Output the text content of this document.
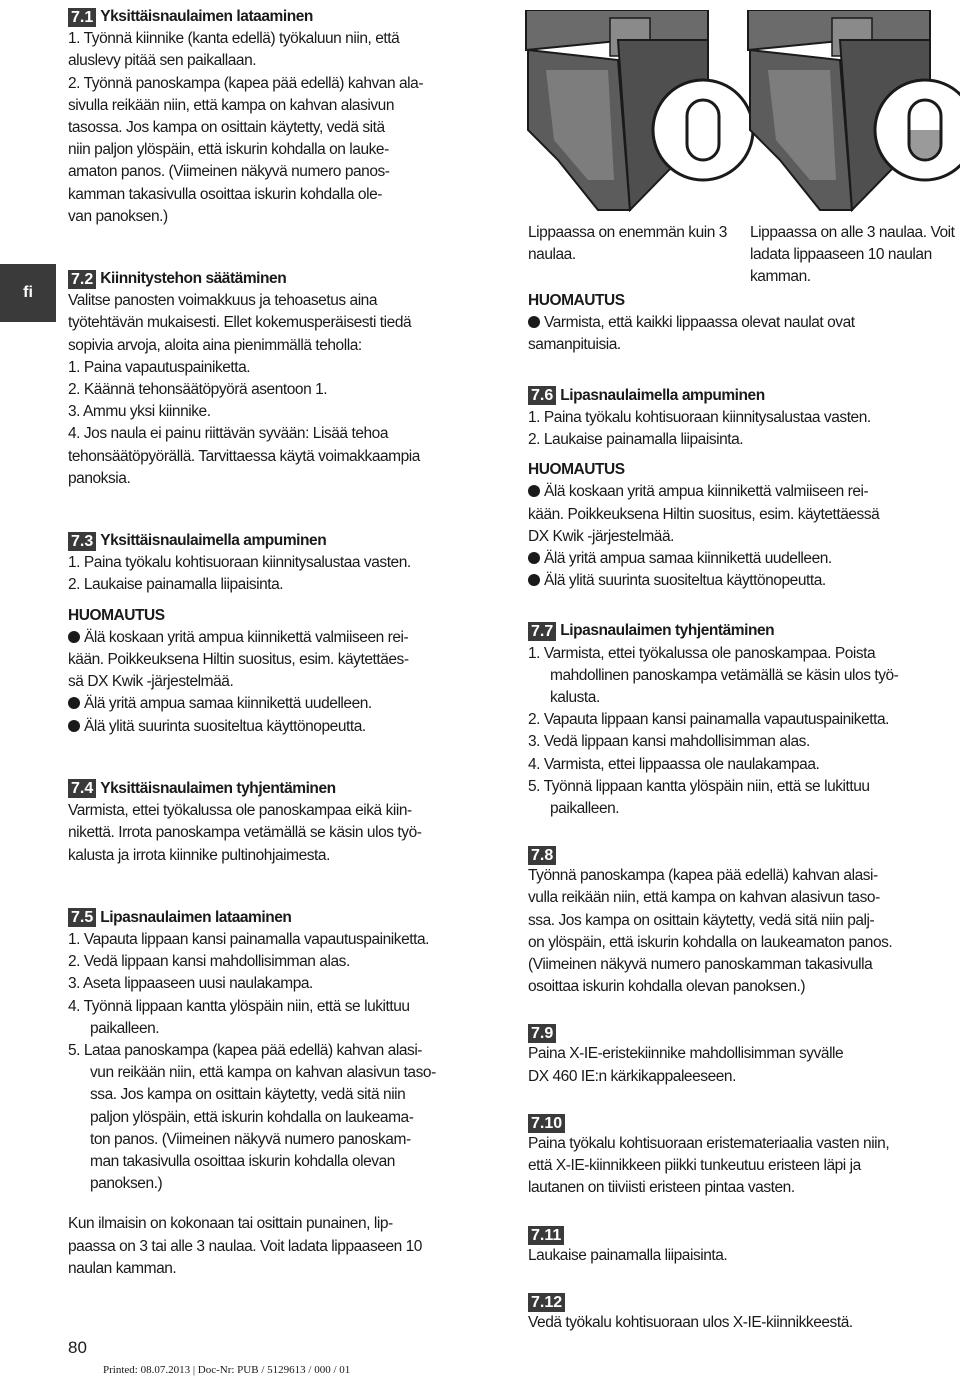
fi
Lippaassa on enemmän kuin 3 naulaa.
Lippaassa on alle 3 naulaa. Voit ladata lippaaseen 10 naulan kamman.
7.1 Yksittäisnaulaimen lataaminen
1. Työnnä kiinnike (kanta edellä) työkaluun niin, että
aluslevy pitää sen paikallaan.
2. Työnnä panoskampa (kapea pää edellä) kahvan ala-
sivulla reikään niin, että kampa on kahvan alasivun
tasossa. Jos kampa on osittain käytetty, vedä sitä
niin paljon ylöspäin, että iskurin kohdalla on lauke-
amaton panos. (Viimeinen näkyvä numero panos-
kamman takasivulla osoittaa iskurin kohdalla ole-
van panoksen.)
7.2 Kiinnitystehon säätäminen
Valitse panosten voimakkuus ja tehoasetus aina
työtehtävän mukaisesti. Ellet kokemusperäisesti tiedä
sopivia arvoja, aloita aina pienimmällä teholla:
1. Paina vapautuspainiketta.
2. Käännä tehonsäätöpyörä asentoon 1.
3. Ammu yksi kiinnike.
4. Jos naula ei painu riittävän syvään: Lisää tehoa
tehonsäätöpyörällä. Tarvittaessa käytä voimakkaampia
panoksia.
7.3 Yksittäisnaulaimella ampuminen
1. Paina työkalu kohtisuoraan kiinnitysalustaa vasten.
2. Laukaise painamalla liipaisinta.
HUOMAUTUS
Älä koskaan yritä ampua kiinnikettä valmiiseen rei-
kään. Poikkeuksena Hiltin suositus, esim. käytettäes-
sä DX Kwik -järjestelmää.
Älä yritä ampua samaa kiinnikettä uudelleen.
Älä ylitä suurinta suositeltua käyttönopeutta.
7.4 Yksittäisnaulaimen tyhjentäminen
Varmista, ettei työkalussa ole panoskampaa eikä kiin-
nikettä. Irrota panoskampa vetämällä se käsin ulos työ-
kalusta ja irrota kiinnike pultinohjaimesta.
7.5 Lipasnaulaimen lataaminen
1. Vapauta lippaan kansi painamalla vapautuspainiketta.
2. Vedä lippaan kansi mahdollisimman alas.
3. Aseta lippaaseen uusi naulakampa.
4. Työnnä lippaan kantta ylöspäin niin, että se lukittuu
paikalleen.
5. Lataa panoskampa (kapea pää edellä) kahvan alasi-
vun reikään niin, että kampa on kahvan alasivun taso-
ssa. Jos kampa on osittain käytetty, vedä sitä niin
paljon ylöspäin, että iskurin kohdalla on laukeama-
ton panos. (Viimeinen näkyvä numero panoskam-
man takasivulla osoittaa iskurin kohdalla olevan
panoksen.)
Kun ilmaisin on kokonaan tai osittain punainen, lip-
paassa on 3 tai alle 3 naulaa. Voit ladata lippaaseen 10
naulan kamman.
HUOMAUTUS
Varmista, että kaikki lippaassa olevat naulat ovat
samanpituisia.
7.6 Lipasnaulaimella ampuminen
1. Paina työkalu kohtisuoraan kiinnitysalustaa vasten.
2. Laukaise painamalla liipaisinta.
HUOMAUTUS
Älä koskaan yritä ampua kiinnikettä valmiiseen rei-
kään. Poikkeuksena Hiltin suositus, esim. käytettäessä
DX Kwik -järjestelmää.
Älä yritä ampua samaa kiinnikettä uudelleen.
Älä ylitä suurinta suositeltua käyttönopeutta.
7.7 Lipasnaulaimen tyhjentäminen
1. Varmista, ettei työkalussa ole panoskampaa. Poista
mahdollinen panoskampa vetämällä se käsin ulos työ-
kalusta.
2. Vapauta lippaan kansi painamalla vapautuspainiketta.
3. Vedä lippaan kansi mahdollisimman alas.
4. Varmista, ettei lippaassa ole naulakampaa.
5. Työnnä lippaan kantta ylöspäin niin, että se lukittuu
paikalleen.
7.8
Työnnä panoskampa (kapea pää edellä) kahvan alasi-
vulla reikään niin, että kampa on kahvan alasivun taso-
ssa. Jos kampa on osittain käytetty, vedä sitä niin palj-
on ylöspäin, että iskurin kohdalla on laukeamaton panos.
(Viimeinen näkyvä numero panoskamman takasivulla
osoittaa iskurin kohdalla olevan panoksen.)
7.9
Paina X-IE-eristekiinnike mahdollisimman syvälle
DX 460 IE:n kärkikappaleeseen.
7.10
Paina työkalu kohtisuoraan eristemateriaalia vasten niin,
että X-IE-kiinnikkeen piikki tunkeutuu eristeen läpi ja
lautanen on tiiviisti eristeen pintaa vasten.
7.11
Laukaise painamalla liipaisinta.
7.12
Vedä työkalu kohtisuoraan ulos X-IE-kiinnikkeestä.
80
Printed: 08.07.2013 | Doc-Nr: PUB / 5129613 / 000 / 01
